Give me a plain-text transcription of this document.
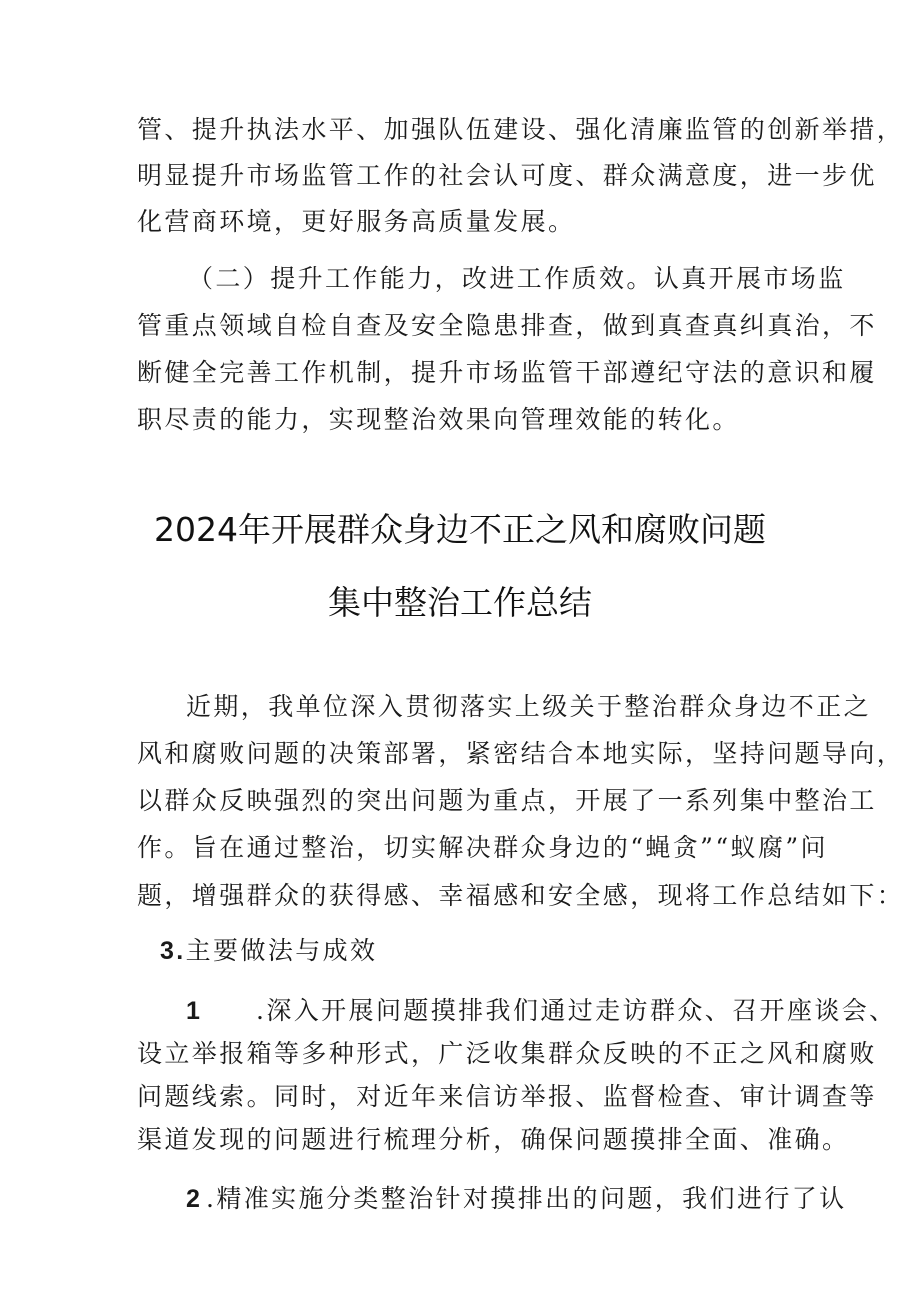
管、提升执法水平、加强队伍建设、强化清廉监管的创新举措，
明显提升市场监管工作的社会认可度、群众满意度，进一步优
化营商环境，更好服务高质量发展。
（二）提升工作能力，改进工作质效。认真开展市场监
管重点领域自检自查及安全隐患排查，做到真查真纠真治，不
断健全完善工作机制，提升市场监管干部遵纪守法的意识和履
职尽责的能力，实现整治效果向管理效能的转化。
2024年开展群众身边不正之风和腐败问题
集中整治工作总结
近期，我单位深入贯彻落实上级关于整治群众身边不正之
风和腐败问题的决策部署，紧密结合本地实际，坚持问题导向，
以群众反映强烈的突出问题为重点，开展了一系列集中整治工
作。旨在通过整治，切实解决群众身边的“蝇贪”“蚁腐”问
题，增强群众的获得感、幸福感和安全感，现将工作总结如下：
3.主要做法与成效
1 .深入开展问题摸排我们通过走访群众、召开座谈会、
设立举报箱等多种形式，广泛收集群众反映的不正之风和腐败
问题线索。同时，对近年来信访举报、监督检查、审计调查等
渠道发现的问题进行梳理分析，确保问题摸排全面、准确。
2 .精准实施分类整治针对摸排出的问题，我们进行了认
